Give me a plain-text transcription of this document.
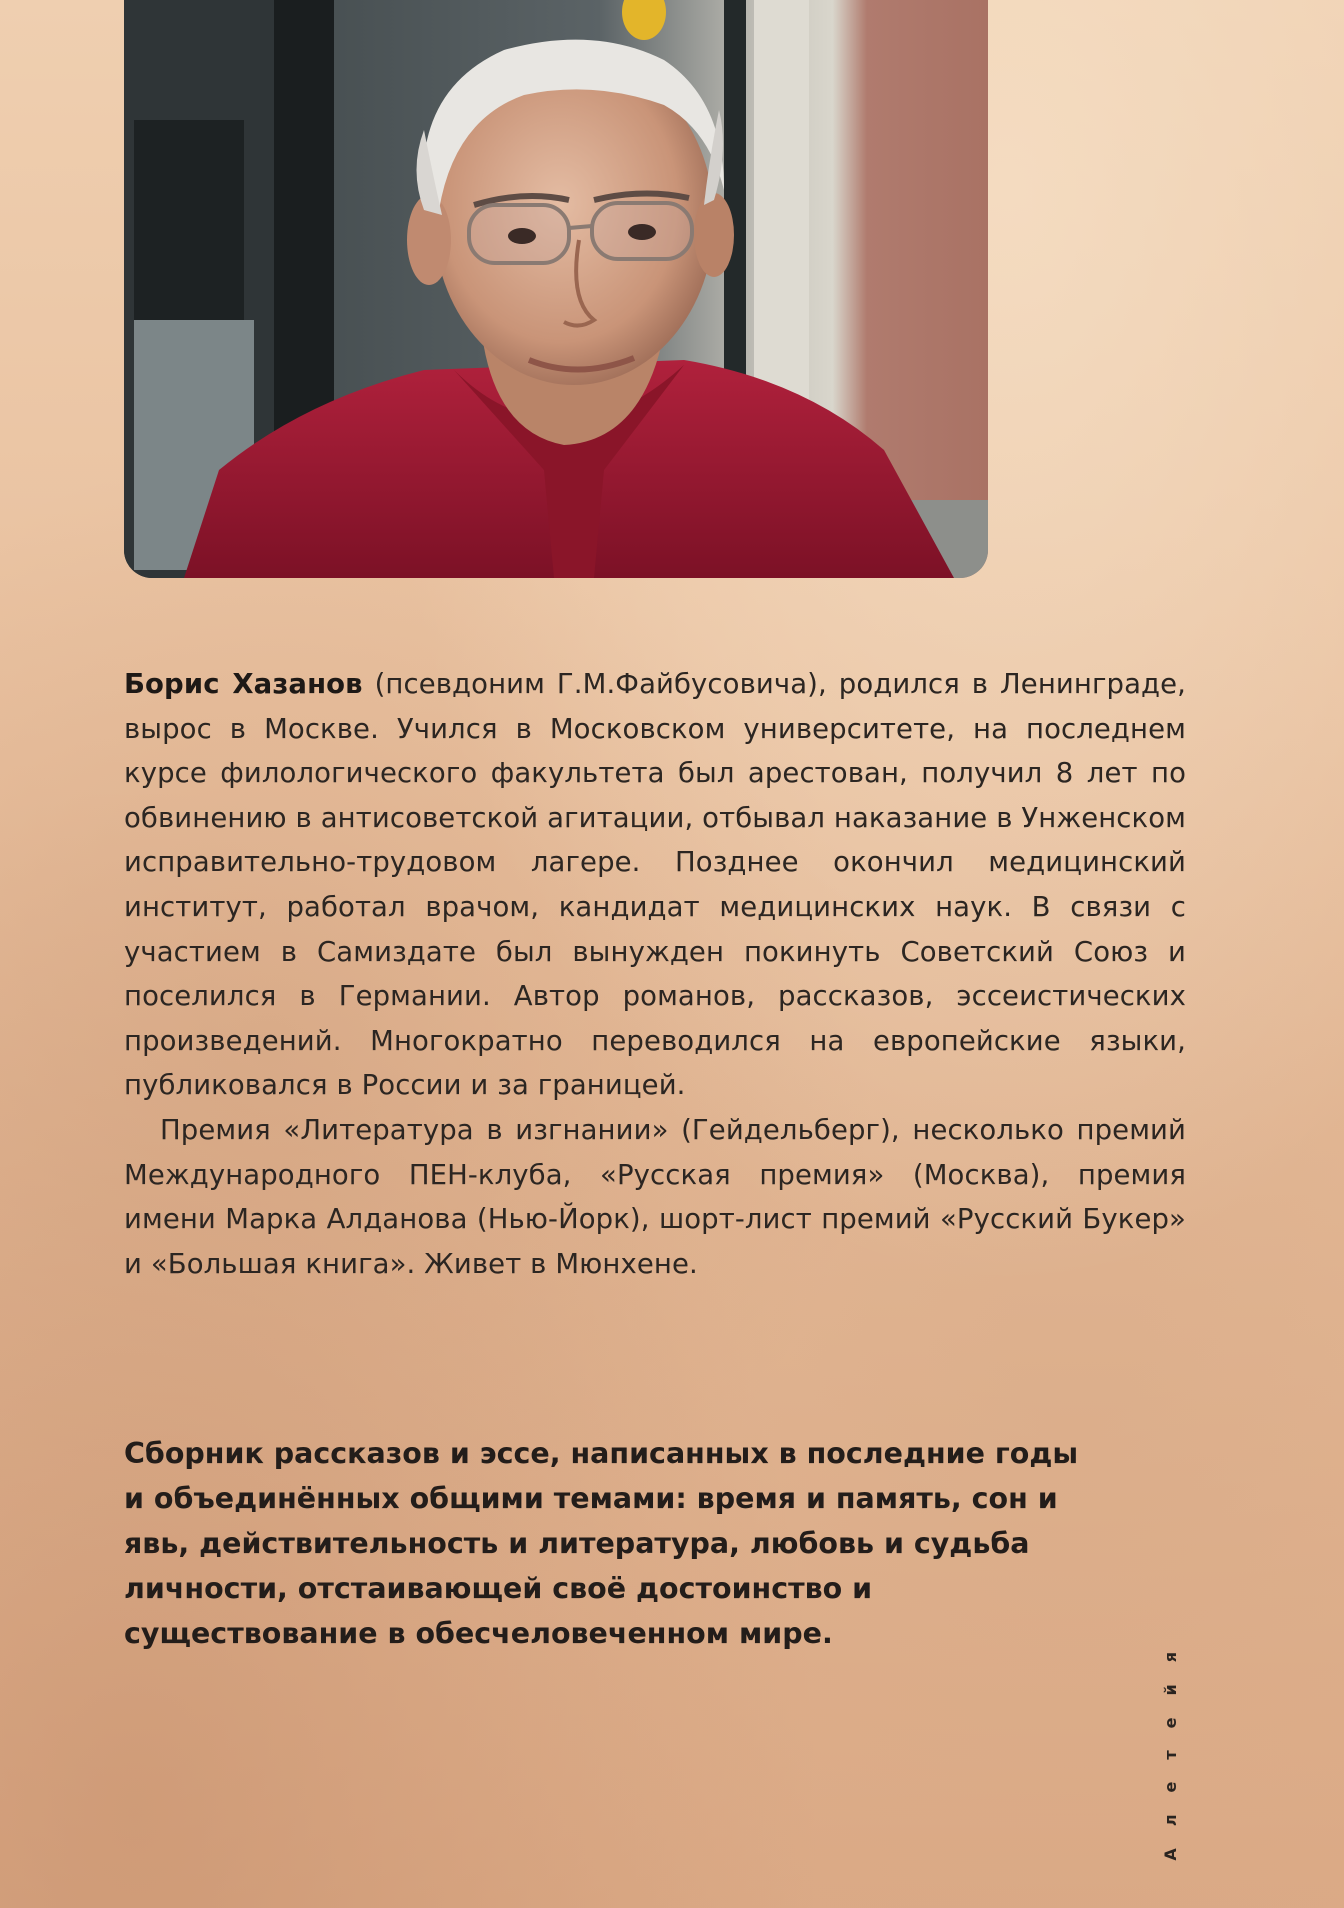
Борис Хазанов (псевдоним Г.М.Файбусовича), родился в Ленинграде, вырос в Москве. Учился в Московском университете, на последнем курсе филологического факультета был арестован, получил 8 лет по обвинению в антисоветской агитации, отбывал наказание в Унженском исправительно-трудовом лагере. Позднее окончил медицинский институт, работал врачом, кандидат медицинских наук. В связи с участием в Самиздате был вынужден покинуть Советский Союз и поселился в Германии. Автор романов, рассказов, эссеистических произведений. Многократно переводился на европейские языки, публиковался в России и за границей.

Премия «Литература в изгнании» (Гейдельберг), несколько премий Международного ПЕН-клуба, «Русская премия» (Москва), премия имени Марка Алданова (Нью-Йорк), шорт-лист премий «Русский Букер» и «Большая книга». Живет в Мюнхене.

Сборник рассказов и эссе, написанных в последние годы и объединённых общими темами: время и память, сон и явь, действительность и литература, любовь и судьба личности, отстаивающей своё достоинство и существование в обесчеловеченном мире.	Алетейя
